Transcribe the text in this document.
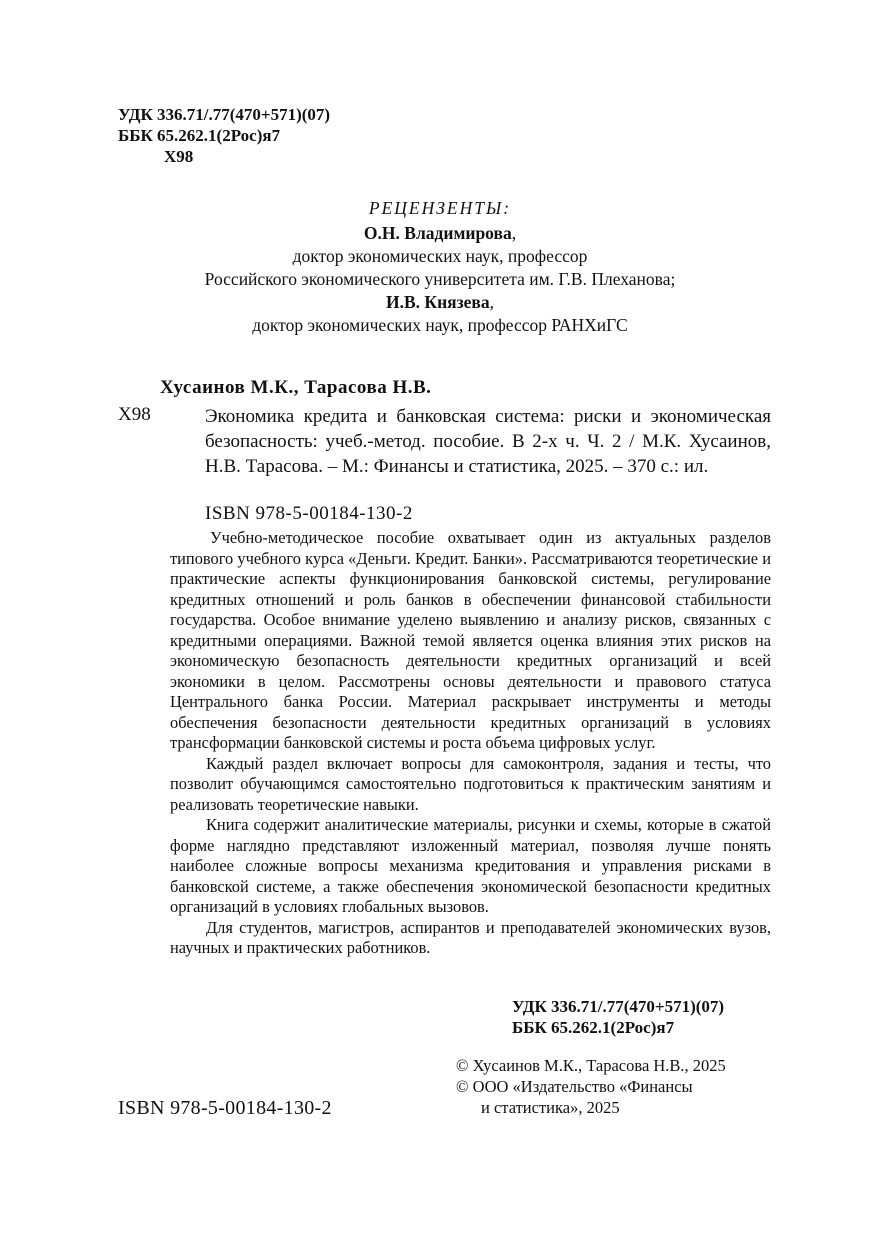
УДК 336.71/.77(470+571)(07)
ББК 65.262.1(2Рос)я7
Х98
РЕЦЕНЗЕНТЫ:
О.Н. Владимирова,
доктор экономических наук, профессор
Российского экономического университета им. Г.В. Плеханова;
И.В. Князева,
доктор экономических наук, профессор РАНХиГС
Хусаинов М.К., Тарасова Н.В.
Х98	Экономика кредита и банковская система: риски и экономическая безопасность: учеб.-метод. пособие. В 2-х ч. Ч. 2 / М.К. Хусаинов, Н.В. Тарасова. – М.: Финансы и статистика, 2025. – 370 с.: ил.
ISBN 978-5-00184-130-2

Учебно-методическое пособие охватывает один из актуальных разделов типового учебного курса «Деньги. Кредит. Банки». Рассматриваются теоретические и практические аспекты функционирования банковской системы, регулирование кредитных отношений и роль банков в обеспечении финансовой стабильности государства. Особое внимание уделено выявлению и анализу рисков, связанных с кредитными операциями. Важной темой является оценка влияния этих рисков на экономическую безопасность деятельности кредитных организаций и всей экономики в целом. Рассмотрены основы деятельности и правового статуса Центрального банка России. Материал раскрывает инструменты и методы обеспечения безопасности деятельности кредитных организаций в условиях трансформации банковской системы и роста объема цифровых услуг.

Каждый раздел включает вопросы для самоконтроля, задания и тесты, что позволит обучающимся самостоятельно подготовиться к практическим занятиям и реализовать теоретические навыки.

Книга содержит аналитические материалы, рисунки и схемы, которые в сжатой форме наглядно представляют изложенный материал, позволяя лучше понять наиболее сложные вопросы механизма кредитования и управления рисками в банковской системе, а также обеспечения экономической безопасности кредитных организаций в условиях глобальных вызовов.

Для студентов, магистров, аспирантов и преподавателей экономических вузов, научных и практических работников.

УДК 336.71/.77(470+571)(07)
ББК 65.262.1(2Рос)я7
© Хусаинов М.К., Тарасова Н.В., 2025
© ООО «Издательство «Финансы
и статистика», 2025
ISBN 978-5-00184-130-2
